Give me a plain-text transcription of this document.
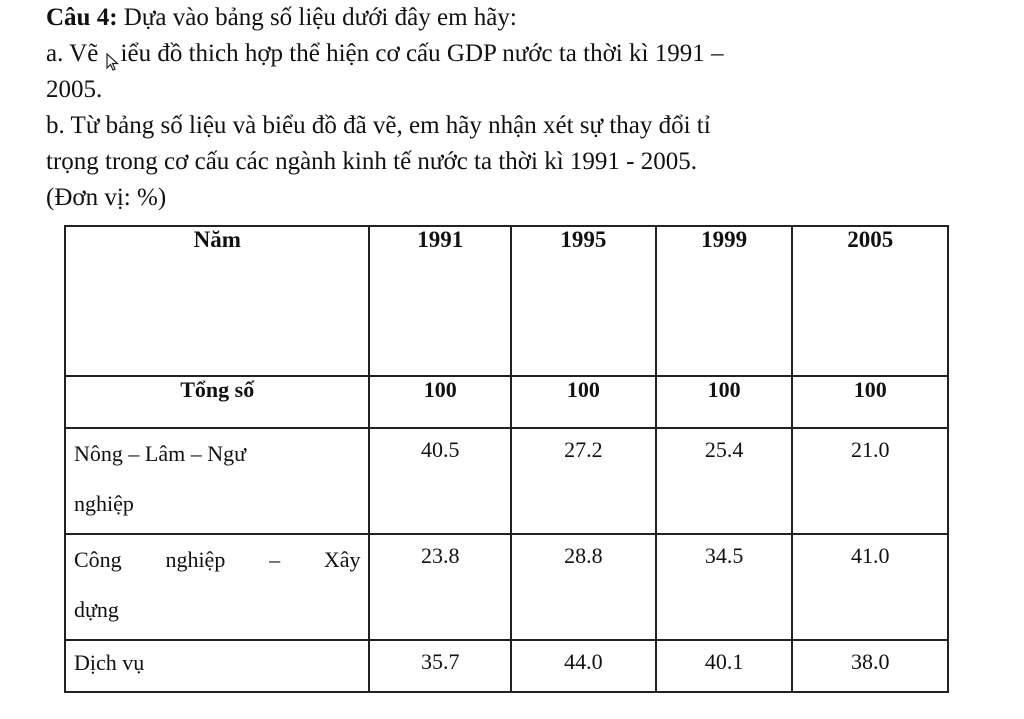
Câu 4: Dựa vào bảng số liệu dưới đây em hãy:
a. Vẽ iểu đồ thich hợp thể hiện cơ cấu GDP nước ta thời kì 1991 –
2005.
b. Từ bảng số liệu và biểu đồ đã vẽ, em hãy nhận xét sự thay đổi tỉ
trọng trong cơ cấu các ngành kinh tế nước ta thời kì 1991 - 2005.
(Đơn vị: %)
Năm	1991	1995	1999	2005
Tổng số	100	100	100	100

Nông – Lâm – Ngư
nghiệp	40.5	27.2	25.4	21.0

Công nghiệp – Xây
dựng	23.8	28.8	34.5	41.0
Dịch vụ	35.7	44.0	40.1	38.0
